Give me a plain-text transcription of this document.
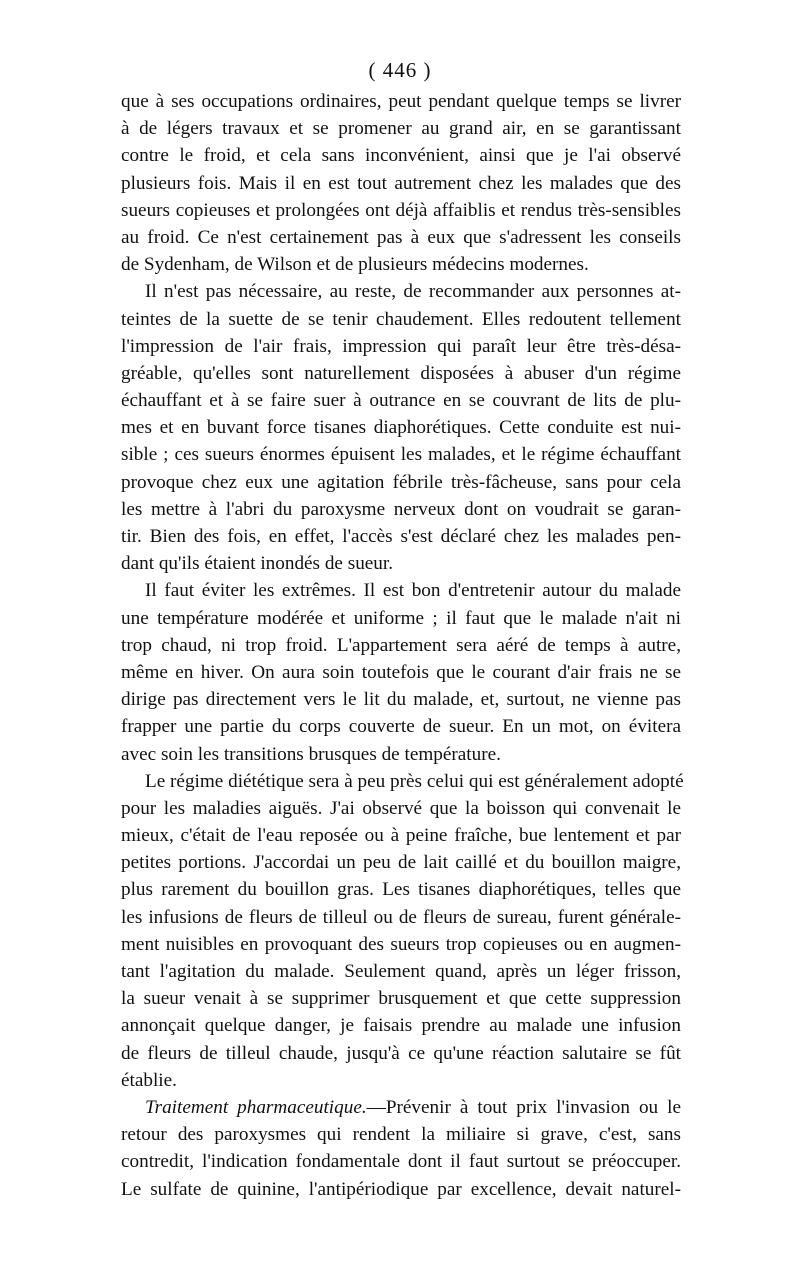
( 446 )
que à ses occupations ordinaires, peut pendant quelque temps se livrer
à de légers travaux et se promener au grand air, en se garantissant
contre le froid, et cela sans inconvénient, ainsi que je l'ai observé
plusieurs fois. Mais il en est tout autrement chez les malades que des
sueurs copieuses et prolongées ont déjà affaiblis et rendus très-sensibles
au froid. Ce n'est certainement pas à eux que s'adressent les conseils
de Sydenham, de Wilson et de plusieurs médecins modernes.
Il n'est pas nécessaire, au reste, de recommander aux personnes at-
teintes de la suette de se tenir chaudement. Elles redoutent tellement
l'impression de l'air frais, impression qui paraît leur être très-désa-
gréable, qu'elles sont naturellement disposées à abuser d'un régime
échauffant et à se faire suer à outrance en se couvrant de lits de plu-
mes et en buvant force tisanes diaphorétiques. Cette conduite est nui-
sible ; ces sueurs énormes épuisent les malades, et le régime échauffant
provoque chez eux une agitation fébrile très-fâcheuse, sans pour cela
les mettre à l'abri du paroxysme nerveux dont on voudrait se garan-
tir. Bien des fois, en effet, l'accès s'est déclaré chez les malades pen-
dant qu'ils étaient inondés de sueur.
Il faut éviter les extrêmes. Il est bon d'entretenir autour du malade
une température modérée et uniforme ; il faut que le malade n'ait ni
trop chaud, ni trop froid. L'appartement sera aéré de temps à autre,
même en hiver. On aura soin toutefois que le courant d'air frais ne se
dirige pas directement vers le lit du malade, et, surtout, ne vienne pas
frapper une partie du corps couverte de sueur. En un mot, on évitera
avec soin les transitions brusques de température.
Le régime diététique sera à peu près celui qui est généralement adopté
pour les maladies aiguës. J'ai observé que la boisson qui convenait le
mieux, c'était de l'eau reposée ou à peine fraîche, bue lentement et par
petites portions. J'accordai un peu de lait caillé et du bouillon maigre,
plus rarement du bouillon gras. Les tisanes diaphorétiques, telles que
les infusions de fleurs de tilleul ou de fleurs de sureau, furent générale-
ment nuisibles en provoquant des sueurs trop copieuses ou en augmen-
tant l'agitation du malade. Seulement quand, après un léger frisson,
la sueur venait à se supprimer brusquement et que cette suppression
annonçait quelque danger, je faisais prendre au malade une infusion
de fleurs de tilleul chaude, jusqu'à ce qu'une réaction salutaire se fût
établie.
Traitement pharmaceutique.—Prévenir à tout prix l'invasion ou le
retour des paroxysmes qui rendent la miliaire si grave, c'est, sans
contredit, l'indication fondamentale dont il faut surtout se préoccuper.
Le sulfate de quinine, l'antipériodique par excellence, devait naturel-
